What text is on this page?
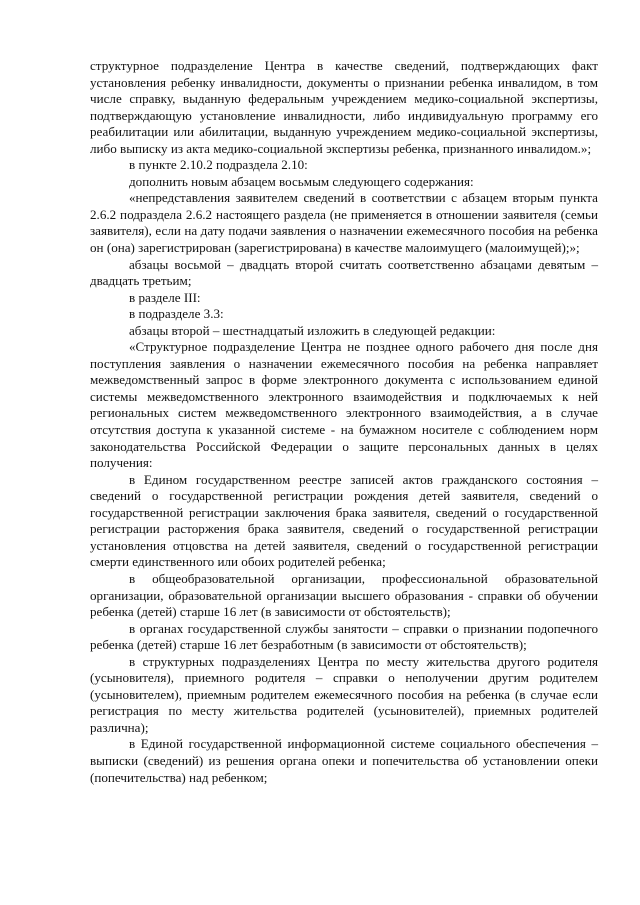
структурное подразделение Центра в качестве сведений, подтверждающих факт установления ребенку инвалидности, документы о признании ребенка инвалидом, в том числе справку, выданную федеральным учреждением медико-социальной экспертизы, подтверждающую установление инвалидности, либо индивидуальную программу его реабилитации или абилитации, выданную учреждением медико-социальной экспертизы, либо выписку из акта медико-социальной экспертизы ребенка, признанного инвалидом.»;

в пункте 2.10.2 подраздела 2.10:

дополнить новым абзацем восьмым следующего содержания:

«непредставления заявителем сведений в соответствии с абзацем вторым пункта 2.6.2 подраздела 2.6.2 настоящего раздела (не применяется в отношении заявителя (семьи заявителя), если на дату подачи заявления о назначении ежемесячного пособия на ребенка он (она) зарегистрирован (зарегистрирована) в качестве малоимущего (малоимущей);»;

абзацы восьмой – двадцать второй считать соответственно абзацами девятым – двадцать третьим;

в разделе III:

в подразделе 3.3:

абзацы второй – шестнадцатый изложить в следующей редакции:

«Структурное подразделение Центра не позднее одного рабочего дня после дня поступления заявления о назначении ежемесячного пособия на ребенка направляет межведомственный запрос в форме электронного документа с использованием единой системы межведомственного электронного взаимодействия и подключаемых к ней региональных систем межведомственного электронного взаимодействия, а в случае отсутствия доступа к указанной системе - на бумажном носителе с соблюдением норм законодательства Российской Федерации о защите персональных данных в целях получения:

в Едином государственном реестре записей актов гражданского состояния – сведений о государственной регистрации рождения детей заявителя, сведений о государственной регистрации заключения брака заявителя, сведений о государственной регистрации расторжения брака заявителя, сведений о государственной регистрации установления отцовства на детей заявителя, сведений о государственной регистрации смерти единственного или обоих родителей ребенка;

в общеобразовательной организации, профессиональной образовательной организации, образовательной организации высшего образования - справки об обучении ребенка (детей) старше 16 лет (в зависимости от обстоятельств);

в органах государственной службы занятости – справки о признании подопечного ребенка (детей) старше 16 лет безработным (в зависимости от обстоятельств);

в структурных подразделениях Центра по месту жительства другого родителя (усыновителя), приемного родителя – справки о неполучении другим родителем (усыновителем), приемным родителем ежемесячного пособия на ребенка (в случае если регистрация по месту жительства родителей (усыновителей), приемных родителей различна);

в Единой государственной информационной системе социального обеспечения – выписки (сведений) из решения органа опеки и попечительства об установлении опеки (попечительства) над ребенком;
